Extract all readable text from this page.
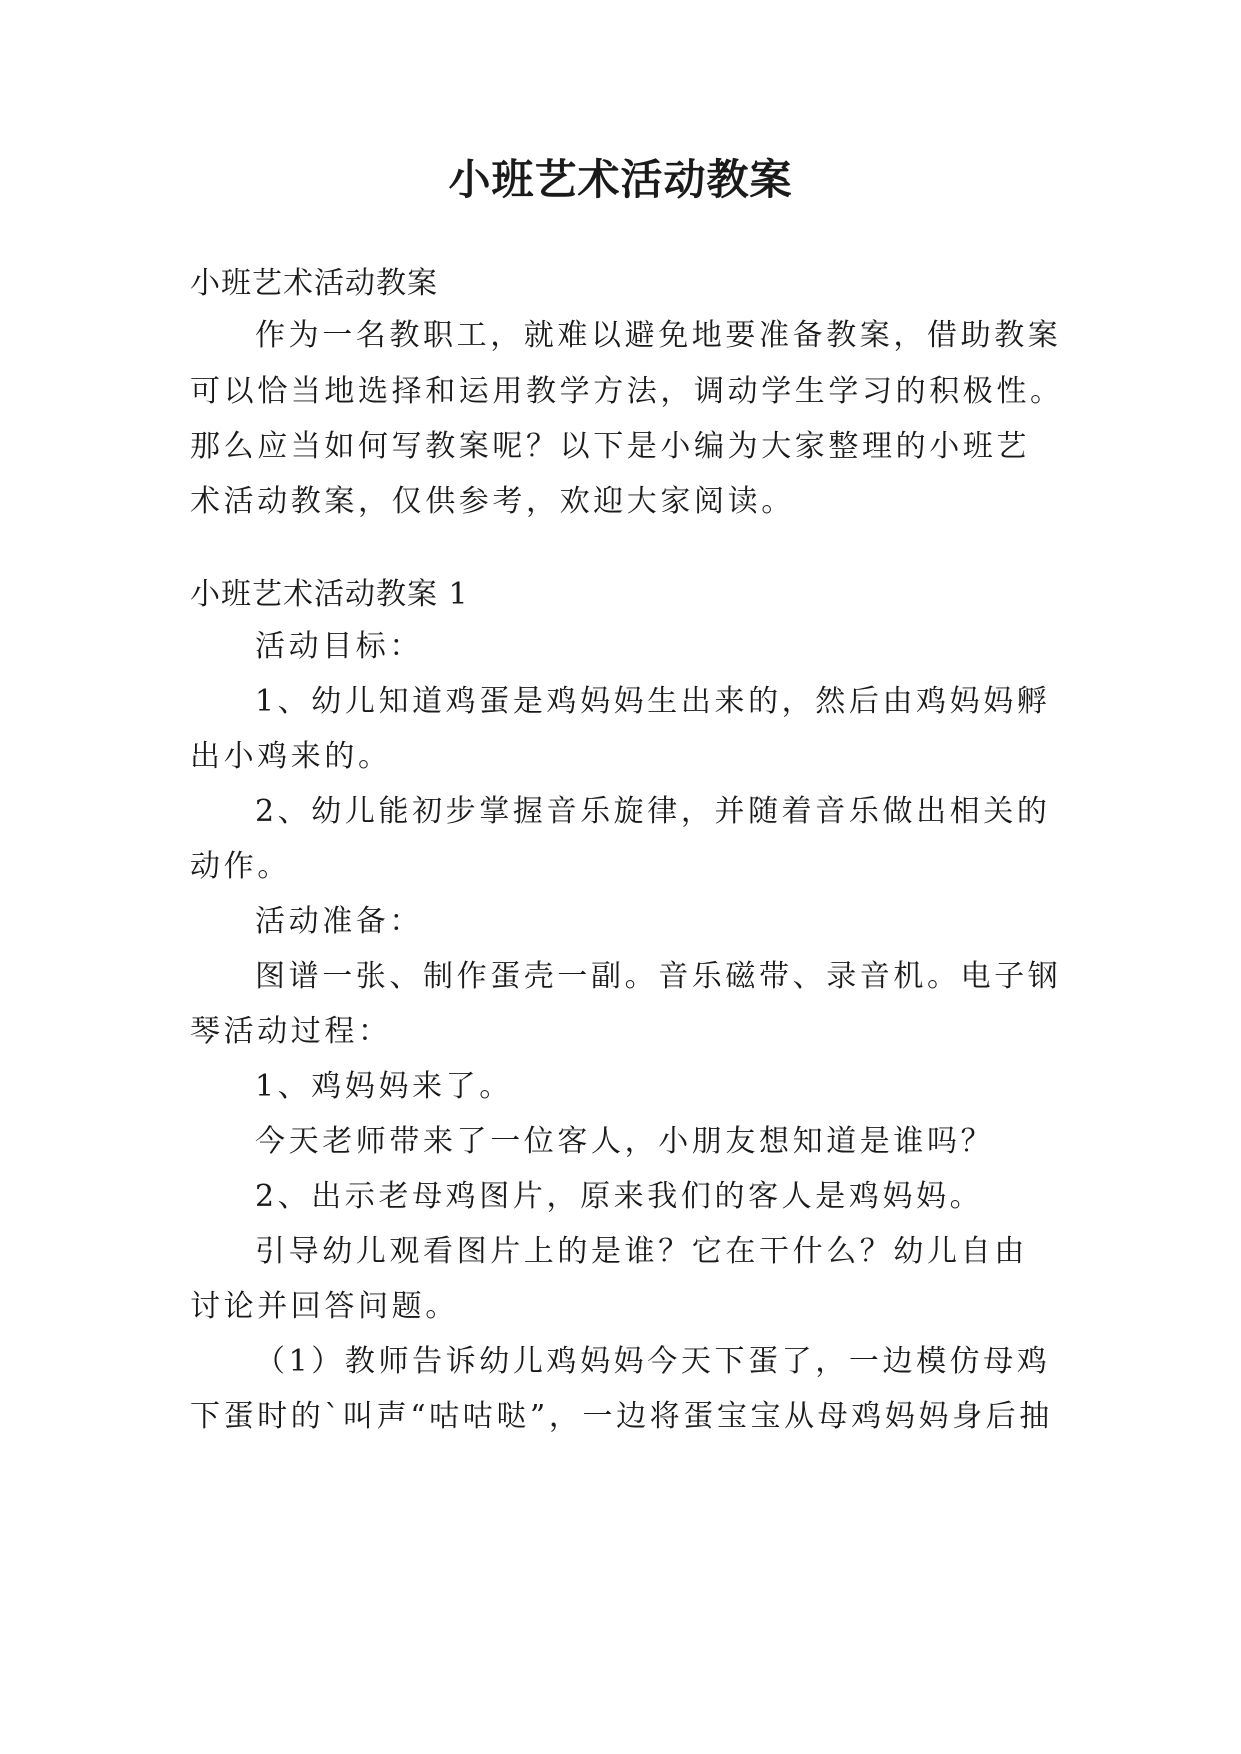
小班艺术活动教案
小班艺术活动教案
作为一名教职工，就难以避免地要准备教案，借助教案
可以恰当地选择和运用教学方法，调动学生学习的积极性。
那么应当如何写教案呢？以下是小编为大家整理的小班艺
术活动教案，仅供参考，欢迎大家阅读。
小班艺术活动教案 1
活动目标：
1、幼儿知道鸡蛋是鸡妈妈生出来的，然后由鸡妈妈孵
出小鸡来的。
2、幼儿能初步掌握音乐旋律，并随着音乐做出相关的
动作。
活动准备：
图谱一张、制作蛋壳一副。音乐磁带、录音机。电子钢
琴活动过程：
1、鸡妈妈来了。
今天老师带来了一位客人，小朋友想知道是谁吗？
2、出示老母鸡图片，原来我们的客人是鸡妈妈。
引导幼儿观看图片上的是谁？它在干什么？幼儿自由
讨论并回答问题。
（1）教师告诉幼儿鸡妈妈今天下蛋了，一边模仿母鸡
下蛋时的`叫声“咕咕哒”，一边将蛋宝宝从母鸡妈妈身后抽
